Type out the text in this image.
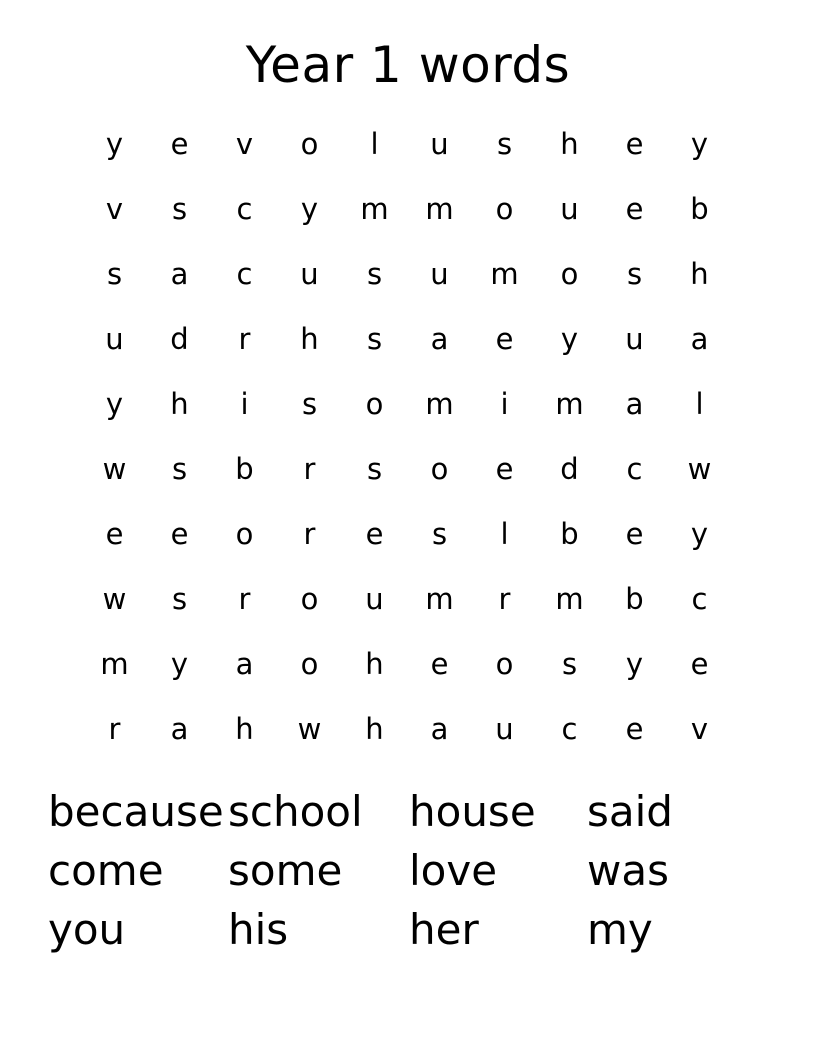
Year 1 words
y	e	v	o	l	u	s	h	e	y
v	s	c	y	m	m	o	u	e	b
s	a	c	u	s	u	m	o	s	h
u	d	r	h	s	a	e	y	u	a
y	h	i	s	o	m	i	m	a	l
w	s	b	r	s	o	e	d	c	w
e	e	o	r	e	s	l	b	e	y
w	s	r	o	u	m	r	m	b	c
m	y	a	o	h	e	o	s	y	e
r	a	h	w	h	a	u	c	e	v
because school	house	said
come	some	love	was
you	his	her	my
